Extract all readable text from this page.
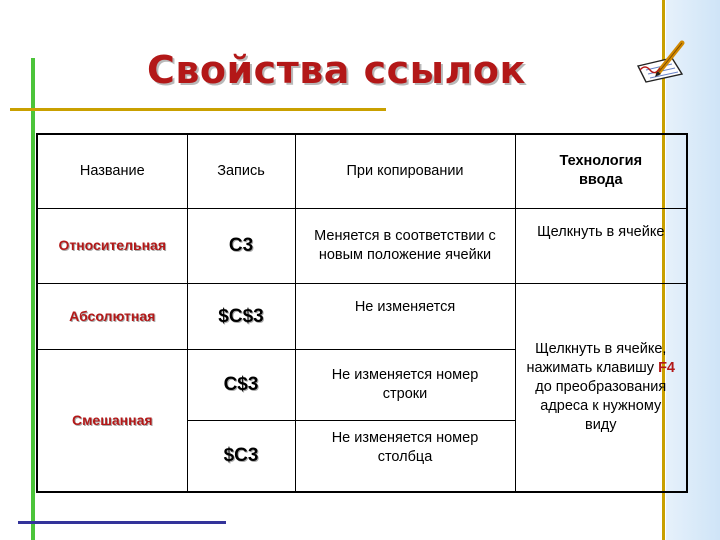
Свойства ссылок
Название	Запись	При копировании	Технология ввода
Относительная	C3	Меняется в соответствии с новым положение ячейки	Щелкнуть в ячейке
Абсолютная	$C$3	Не изменяется	Щелкнуть в ячейке, нажимать клавишу F4 до преобразования адреса к нужному виду
Смешанная	C$3	Не изменяется номер строки	
	$C3	Не изменяется номер столбца	
